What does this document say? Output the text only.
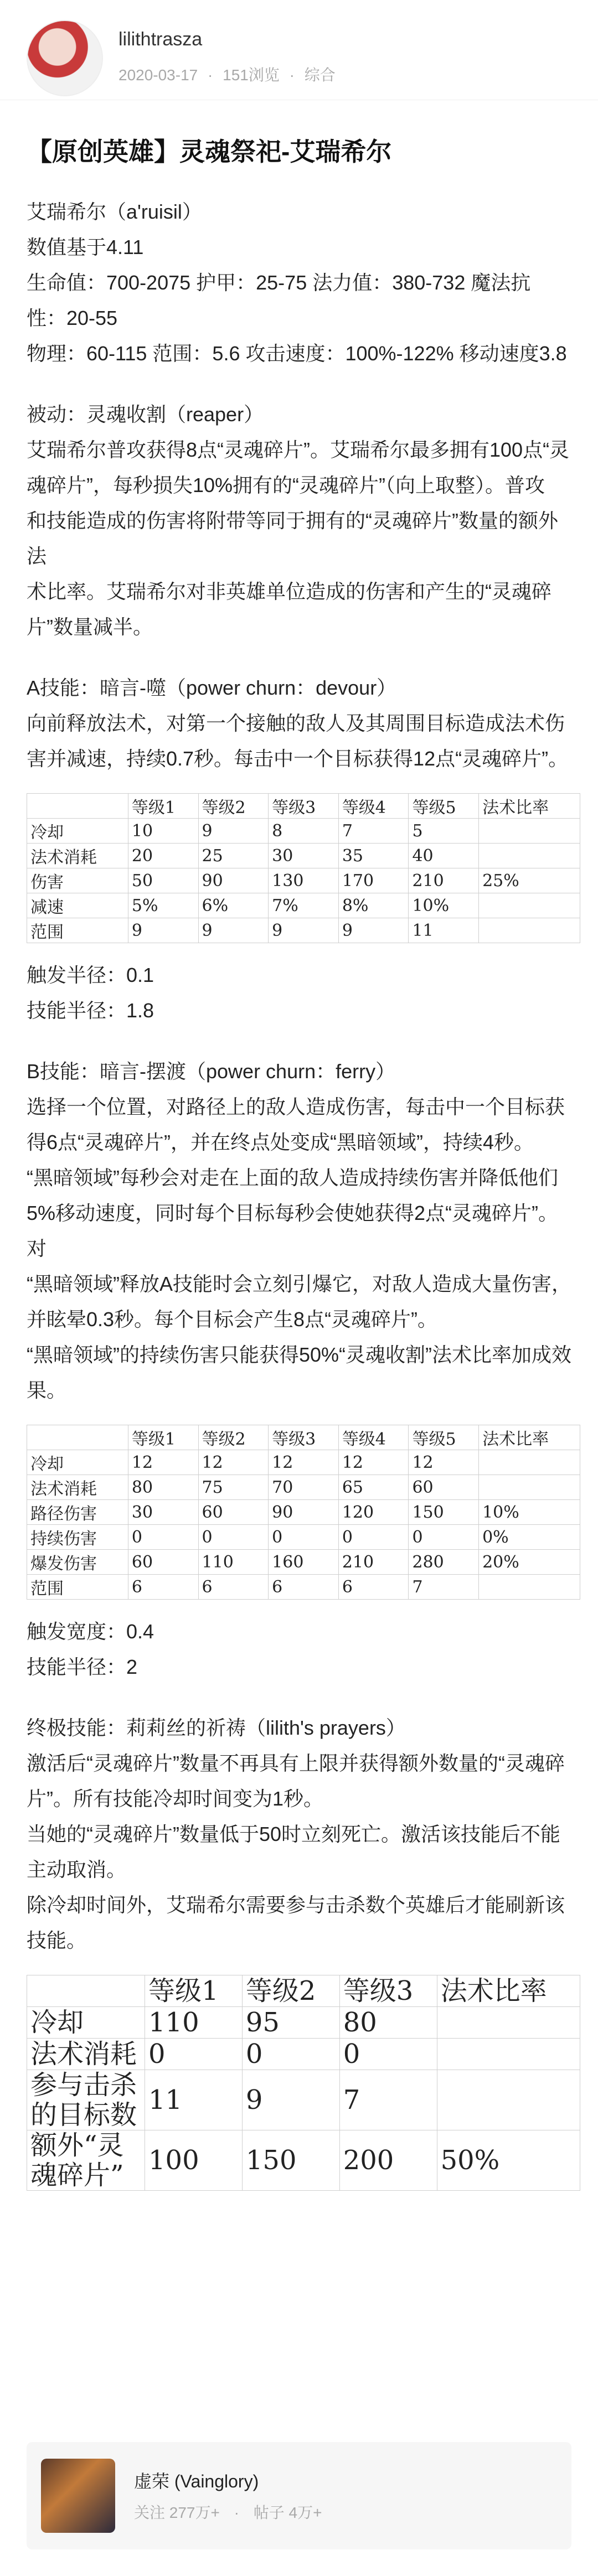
lilithtrasza
2020-03-17 · 151浏览 · 综合
【原创英雄】灵魂祭祀-艾瑞希尔

艾瑞希尔（a'ruisil）

数值基于4.11

生命值：700-2075 护甲：25-75 法力值：380-732 魔法抗

性：20-55

物理：60-115 范围：5.6 攻击速度：100%-122% 移动速度3.8

被动：灵魂收割（reaper）

艾瑞希尔普攻获得8点“灵魂碎片”。艾瑞希尔最多拥有100点“灵

魂碎片”，每秒损失10%拥有的“灵魂碎片”（向上取整）。普攻

和技能造成的伤害将附带等同于拥有的“灵魂碎片”数量的额外法

术比率。艾瑞希尔对非英雄单位造成的伤害和产生的“灵魂碎

片”数量减半。

A技能：暗言-噬（power churn：devour）

向前释放法术，对第一个接触的敌人及其周围目标造成法术伤

害并减速，持续0.7秒。每击中一个目标获得12点“灵魂碎片”。

	等级1	等级2	等级3	等级4	等级5	法术比率
冷却	10	9	8	7	5	
法术消耗	20	25	30	35	40	
伤害	50	90	130	170	210	25%
减速	5%	6%	7%	8%	10%	
范围	9	9	9	9	11	

触发半径：0.1

技能半径：1.8

B技能：暗言-摆渡（power churn：ferry）

选择一个位置，对路径上的敌人造成伤害，每击中一个目标获

得6点“灵魂碎片”，并在终点处变成“黑暗领域”，持续4秒。

“黑暗领域”每秒会对走在上面的敌人造成持续伤害并降低他们

5%移动速度，同时每个目标每秒会使她获得2点“灵魂碎片”。对

“黑暗领域”释放A技能时会立刻引爆它，对敌人造成大量伤害，

并眩晕0.3秒。每个目标会产生8点“灵魂碎片”。

“黑暗领域”的持续伤害只能获得50%“灵魂收割”法术比率加成效

果。

	等级1	等级2	等级3	等级4	等级5	法术比率
冷却	12	12	12	12	12	
法术消耗	80	75	70	65	60	
路径伤害	30	60	90	120	150	10%
持续伤害	0	0	0	0	0	0%
爆发伤害	60	110	160	210	280	20%
范围	6	6	6	6	7	

触发宽度：0.4

技能半径：2

终极技能：莉莉丝的祈祷（lilith's prayers）

激活后“灵魂碎片”数量不再具有上限并获得额外数量的“灵魂碎

片”。所有技能冷却时间变为1秒。

当她的“灵魂碎片”数量低于50时立刻死亡。激活该技能后不能

主动取消。

除冷却时间外，艾瑞希尔需要参与击杀数个英雄后才能刷新该

技能。

	等级1	等级2	等级3	法术比率
冷却	110	95	80	
法术消耗	0	0	0	
参与击杀的目标数	11	9	7	
额外“灵魂碎片”	100	150	200	50%
虚荣 (Vainglory)
关注 277万+ · 帖子 4万+
